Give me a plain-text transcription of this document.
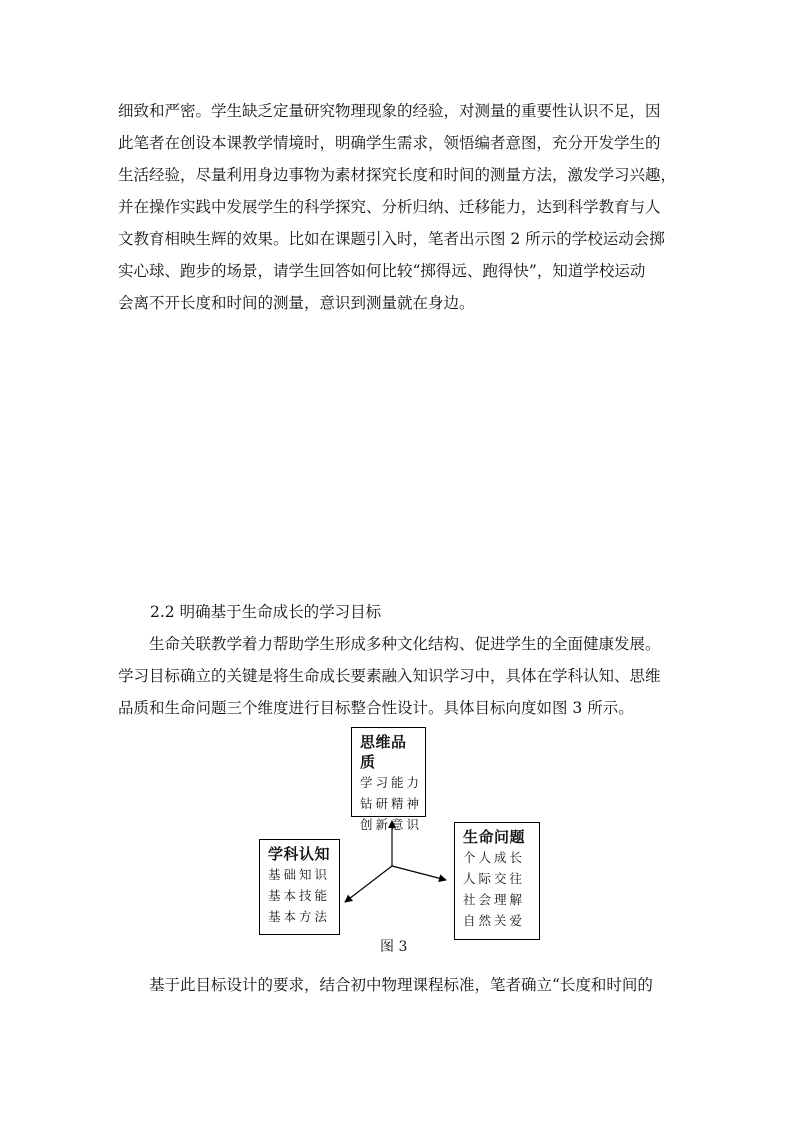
细致和严密。学生缺乏定量研究物理现象的经验，对测量的重要性认识不足，因
此笔者在创设本课教学情境时，明确学生需求，领悟编者意图，充分开发学生的
生活经验，尽量利用身边事物为素材探究长度和时间的测量方法，激发学习兴趣，
并在操作实践中发展学生的科学探究、分析归纳、迁移能力，达到科学教育与人
文教育相映生辉的效果。比如在课题引入时，笔者出示图 2 所示的学校运动会掷
实心球、跑步的场景，请学生回答如何比较“掷得远、跑得快”，知道学校运动
会离不开长度和时间的测量，意识到测量就在身边。
2.2 明确基于生命成长的学习目标
　　生命关联教学着力帮助学生形成多种文化结构、促进学生的全面健康发展。
学习目标确立的关键是将生命成长要素融入知识学习中，具体在学科认知、思维
品质和生命问题三个维度进行目标整合性设计。具体目标向度如图 3 所示。
思维品质
学习能力
钻研精神
创新意识
生命问题
个人成长
人际交往
社会理解
自然关爱
学科认知
基础知识
基本技能
基本方法
图 3
　　基于此目标设计的要求，结合初中物理课程标准，笔者确立“长度和时间的
